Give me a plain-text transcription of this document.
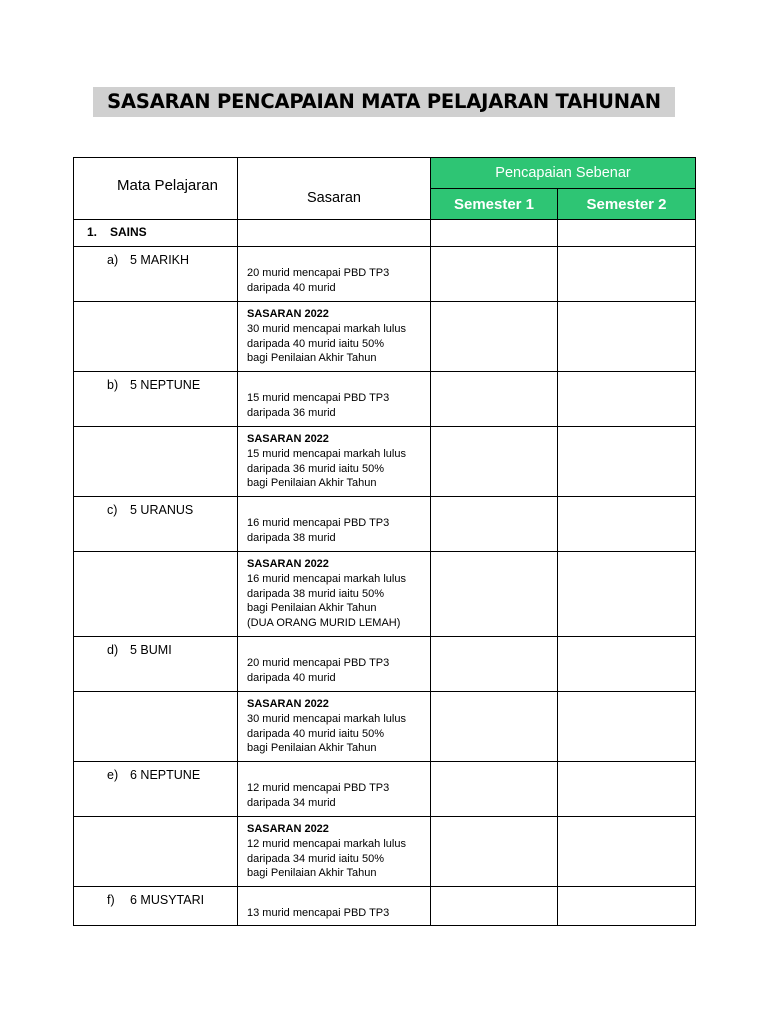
SASARAN PENCAPAIAN MATA PELAJARAN TAHUNAN
Mata Pelajaran	Sasaran	Pencapaian Sebenar	
		Semester 1	Semester 2
1. SAINS			
a) 5 MARIKH	20 murid mencapai PBD TP3
daripada 40 murid		

	SASARAN 2022
30 murid mencapai markah lulus
daripada 40 murid iaitu 50%
bagi Penilaian Akhir Tahun		

b) 5 NEPTUNE	15 murid mencapai PBD TP3
daripada 36 murid		

	SASARAN 2022
15 murid mencapai markah lulus
daripada 36 murid iaitu 50%
bagi Penilaian Akhir Tahun		

c) 5 URANUS	16 murid mencapai PBD TP3
daripada 38 murid		

	SASARAN 2022
16 murid mencapai markah lulus
daripada 38 murid iaitu 50%
bagi Penilaian Akhir Tahun
(DUA ORANG MURID LEMAH)		

d) 5 BUMI	20 murid mencapai PBD TP3
daripada 40 murid		

	SASARAN 2022
30 murid mencapai markah lulus
daripada 40 murid iaitu 50%
bagi Penilaian Akhir Tahun		

e) 6 NEPTUNE	12 murid mencapai PBD TP3
daripada 34 murid		

	SASARAN 2022
12 murid mencapai markah lulus
daripada 34 murid iaitu 50%
bagi Penilaian Akhir Tahun		

f) 6 MUSYTARI	13 murid mencapai PBD TP3		
